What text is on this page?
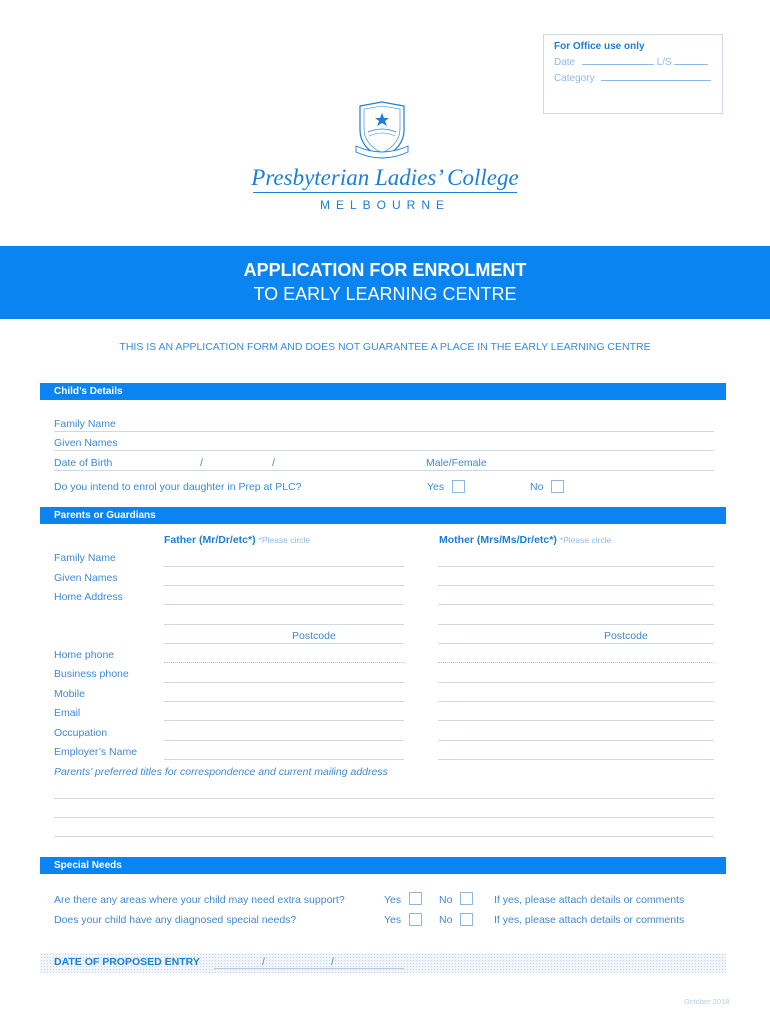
For Office use only
Date	L/S
Category
Presbyterian Ladies’ College
MELBOURNE
APPLICATION FOR ENROLMENT
TO EARLY LEARNING CENTRE
THIS IS AN APPLICATION FORM AND DOES NOT GUARANTEE A PLACE IN THE EARLY LEARNING CENTRE
Child’s Details
Family Name
Given Names
Date of Birth	/	/	Male/Female
Do you intend to enrol your daughter in Prep at PLC?	Yes	No
Parents or Guardians
Father (Mr/Dr/etc*) *Please circle	Mother (Mrs/Ms/Dr/etc*) *Please circle
Family Name
Given Names
Home Address
Postcode	Postcode
Home phone
Business phone
Mobile
Email
Occupation
Employer’s Name
Parents’ preferred titles for correspondence and current mailing address
Special Needs
Are there any areas where your child may need extra support?	Yes	No	If yes, please attach details or comments
Does your child have any diagnosed special needs?	Yes	No	If yes, please attach details or comments
DATE OF PROPOSED ENTRY	/	/
October 2018
